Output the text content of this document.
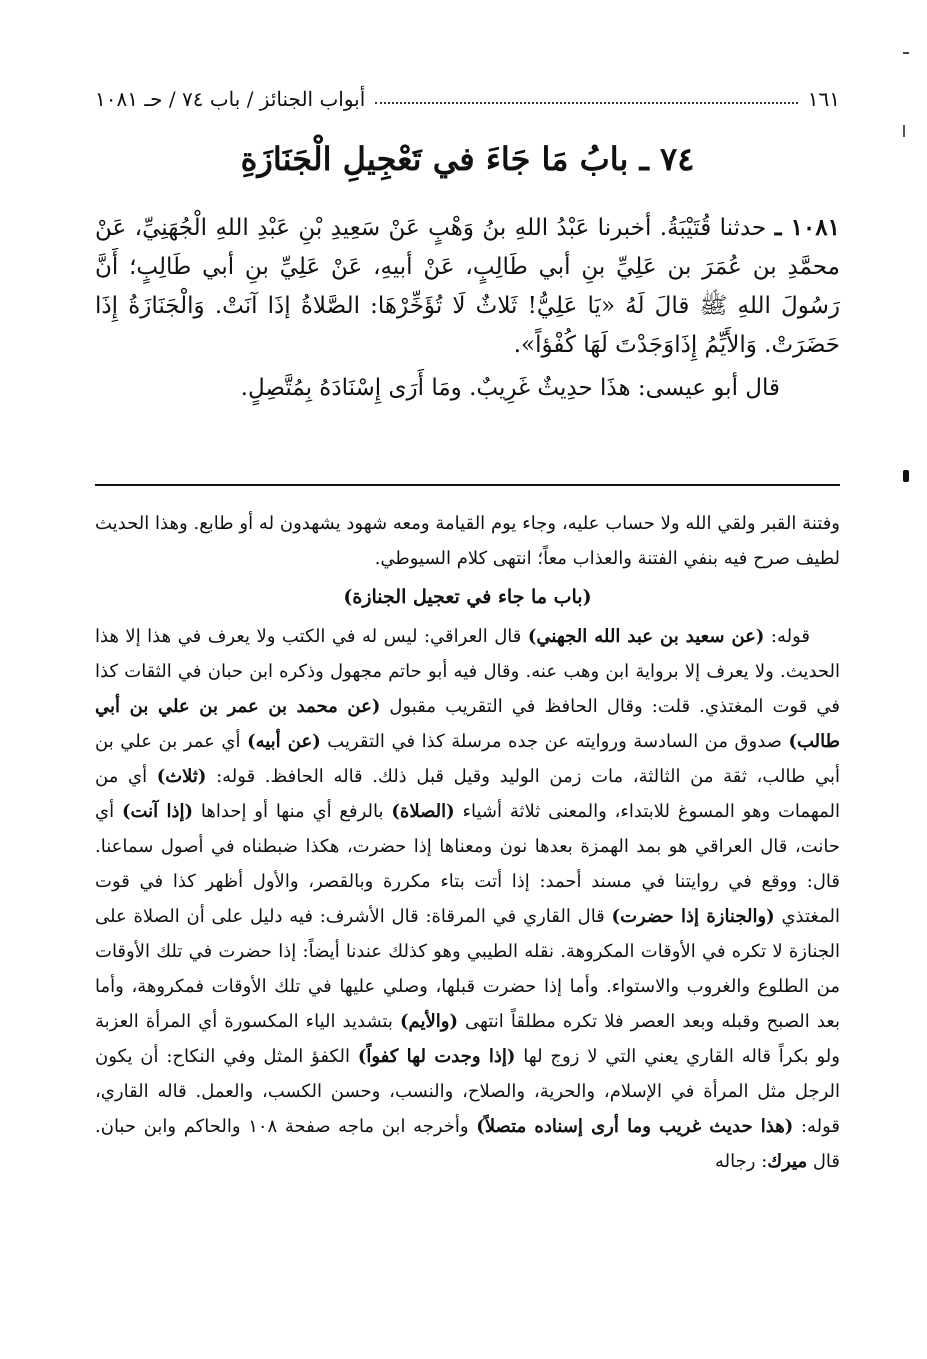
أبواب الجنائز / باب ٧٤ / حـ ١٠٨١	١٦١
٧٤ ـ بابُ مَا جَاءَ في تَعْجِيلِ الْجَنَازَةِ

١٠٨١ ـ حدثنا قُتَيْبَةُ. أخبرنا عَبْدُ اللهِ بنُ وَهْبٍ عَنْ سَعِيدِ بْنِ عَبْدِ اللهِ الْجُهَنِيِّ، عَنْ محمَّدِ بن عُمَرَ بن عَلِيِّ بنِ أبي طَالِبٍ، عَنْ أبيهِ، عَنْ عَلِيِّ بنِ أبي طَالِبٍ؛ أَنَّ رَسُولَ اللهِ ﷺ قالَ لَهُ «يَا عَلِيُّ! ثَلاثٌ لَا تُؤَخِّرْهَا: الصَّلاةُ إذَا آنَتْ. وَالْجَنَازَةُ إِذَا حَضَرَتْ. وَالأَيِّمُ إِذَاوَجَدْتَ لَهَا كُفْؤاً».

قال أبو عيسى: هذَا حدِيثٌ غَرِيبٌ. ومَا أَرَى إِسْنَادَهُ بِمُتَّصِلٍ.

وفتنة القبر ولقي الله ولا حساب عليه، وجاء يوم القيامة ومعه شهود يشهدون له أو طابع. وهذا الحديث لطيف صرح فيه بنفي الفتنة والعذاب معاً؛ انتهى كلام السيوطي.

(باب ما جاء في تعجيل الجنازة)

قوله: (عن سعيد بن عبد الله الجهني) قال العراقي: ليس له في الكتب ولا يعرف في هذا إلا هذا الحديث. ولا يعرف إلا برواية ابن وهب عنه. وقال فيه أبو حاتم مجهول وذكره ابن حبان في الثقات كذا في قوت المغتذي. قلت: وقال الحافظ في التقريب مقبول (عن محمد بن عمر بن علي بن أبي طالب) صدوق من السادسة وروايته عن جده مرسلة كذا في التقريب (عن أبيه) أي عمر بن علي بن أبي طالب، ثقة من الثالثة، مات زمن الوليد وقيل قبل ذلك. قاله الحافظ. قوله: (ثلاث) أي من المهمات وهو المسوغ للابتداء، والمعنى ثلاثة أشياء (الصلاة) بالرفع أي منها أو إحداها (إذا آنت) أي حانت، قال العراقي هو بمد الهمزة بعدها نون ومعناها إذا حضرت، هكذا ضبطناه في أصول سماعنا. قال: ووقع في روايتنا في مسند أحمد: إذا أتت بتاء مكررة وبالقصر، والأول أظهر كذا في قوت المغتذي (والجنازة إذا حضرت) قال القاري في المرقاة: قال الأشرف: فيه دليل على أن الصلاة على الجنازة لا تكره في الأوقات المكروهة. نقله الطيبي وهو كذلك عندنا أيضاً: إذا حضرت في تلك الأوقات من الطلوع والغروب والاستواء. وأما إذا حضرت قبلها، وصلي عليها في تلك الأوقات فمكروهة، وأما بعد الصبح وقبله وبعد العصر فلا تكره مطلقاً انتهى (والأيم) بتشديد الياء المكسورة أي المرأة العزبة ولو بكراً قاله القاري يعني التي لا زوج لها (إذا وجدت لها كفواً) الكفؤ المثل وفي النكاح: أن يكون الرجل مثل المرأة في الإسلام، والحرية، والصلاح، والنسب، وحسن الكسب، والعمل. قاله القاري، قوله: (هذا حديث غريب وما أرى إسناده متصلاً) وأخرجه ابن ماجه صفحة ١٠٨ والحاكم وابن حبان. قال ميرك: رجاله
